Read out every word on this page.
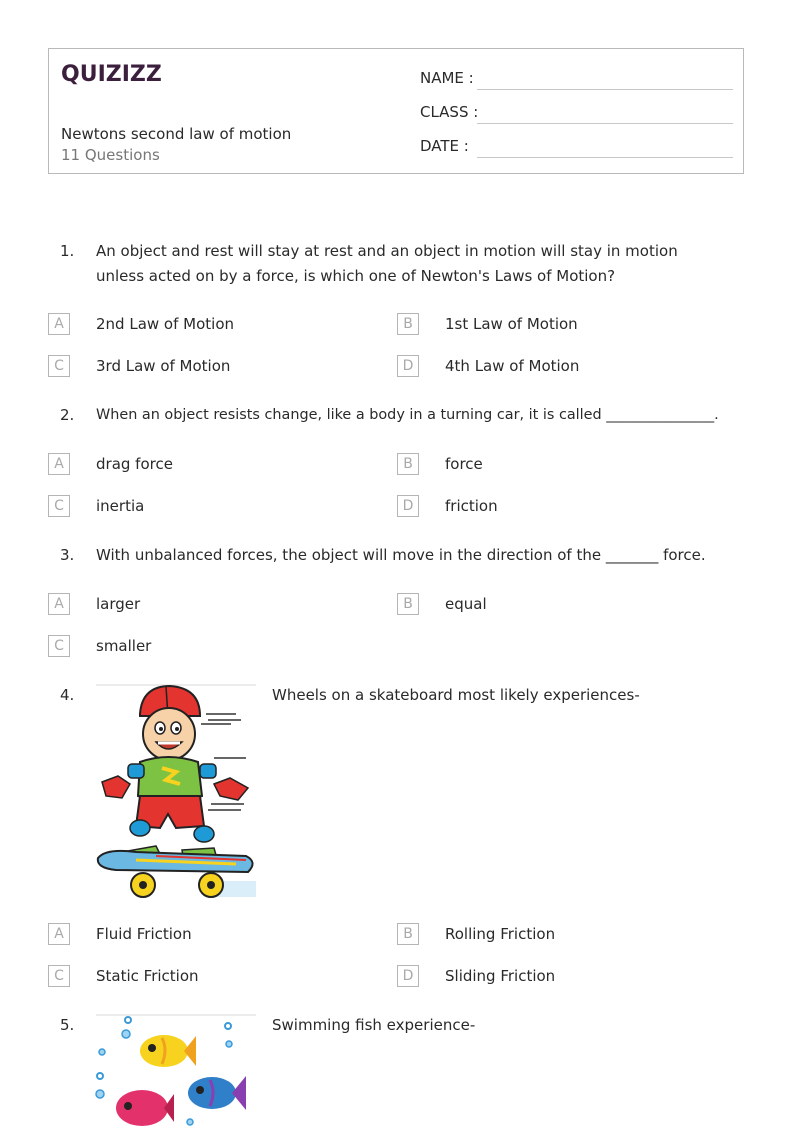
QUIZIZZ
Newtons second law of motion
11 Questions
NAME :
CLASS :
DATE :
1. An object and rest will stay at rest and an object in motion will stay in motion unless acted on by a force, is which one of Newton's Laws of Motion?
A	2nd Law of Motion	B	1st Law of Motion
C	3rd Law of Motion	D	4th Law of Motion
2. When an object resists change, like a body in a turning car, it is called _______________.
A	drag force	B	force
C	inertia	D	friction
3. With unbalanced forces, the object will move in the direction of the _______ force.
A	larger	B	equal
C	smaller
4.	Wheels on a skateboard most likely experiences-
A	Fluid Friction	B	Rolling Friction
C	Static Friction	D	Sliding Friction
5.	Swimming fish experience-
